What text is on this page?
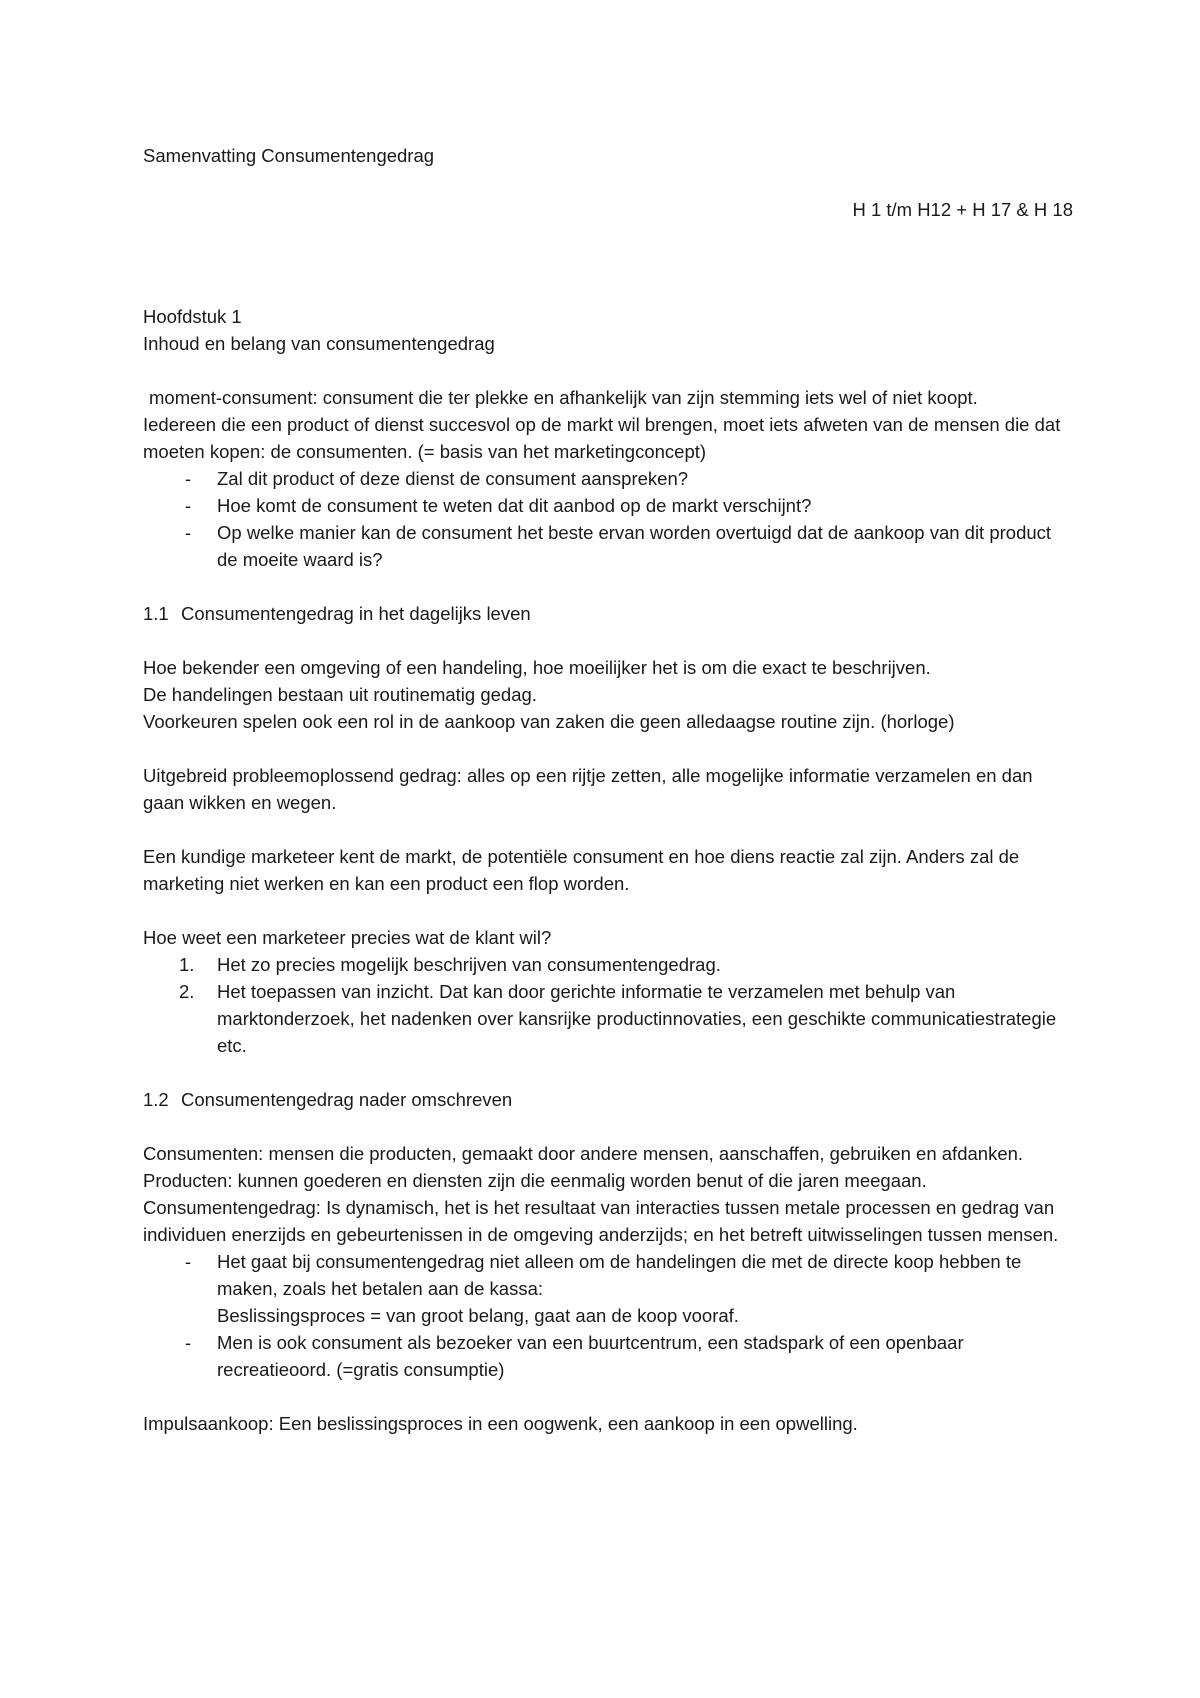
Samenvatting Consumentengedrag

H 1 t/m H12 + H 17 & H 18

Hoofdstuk 1

Inhoud en belang van consumentengedrag

moment-consument: consument die ter plekke en afhankelijk van zijn stemming iets wel of niet koopt.

Iedereen die een product of dienst succesvol op de markt wil brengen, moet iets afweten van de mensen die dat moeten kopen: de consumenten. (= basis van het marketingconcept)

- Zal dit product of deze dienst de consument aanspreken?
- Hoe komt de consument te weten dat dit aanbod op de markt verschijnt?
- Op welke manier kan de consument het beste ervan worden overtuigd dat de aankoop van dit product de moeite waard is?

1.1 Consumentengedrag in het dagelijks leven

Hoe bekender een omgeving of een handeling, hoe moeilijker het is om die exact te beschrijven.

De handelingen bestaan uit routinematig gedag.

Voorkeuren spelen ook een rol in de aankoop van zaken die geen alledaagse routine zijn. (horloge)

Uitgebreid probleemoplossend gedrag: alles op een rijtje zetten, alle mogelijke informatie verzamelen en dan gaan wikken en wegen.

Een kundige marketeer kent de markt, de potentiële consument en hoe diens reactie zal zijn. Anders zal de marketing niet werken en kan een product een flop worden.

Hoe weet een marketeer precies wat de klant wil?

1. Het zo precies mogelijk beschrijven van consumentengedrag.
2. Het toepassen van inzicht. Dat kan door gerichte informatie te verzamelen met behulp van marktonderzoek, het nadenken over kansrijke productinnovaties, een geschikte communicatiestrategie etc.

1.2 Consumentengedrag nader omschreven

Consumenten: mensen die producten, gemaakt door andere mensen, aanschaffen, gebruiken en afdanken.

Producten: kunnen goederen en diensten zijn die eenmalig worden benut of die jaren meegaan.

Consumentengedrag: Is dynamisch, het is het resultaat van interacties tussen metale processen en gedrag van individuen enerzijds en gebeurtenissen in de omgeving anderzijds; en het betreft uitwisselingen tussen mensen.

- Het gaat bij consumentengedrag niet alleen om de handelingen die met de directe koop hebben te maken, zoals het betalen aan de kassa:
Beslissingsproces = van groot belang, gaat aan de koop vooraf.
- Men is ook consument als bezoeker van een buurtcentrum, een stadspark of een openbaar recreatieoord. (=gratis consumptie)

Impulsaankoop: Een beslissingsproces in een oogwenk, een aankoop in een opwelling.
